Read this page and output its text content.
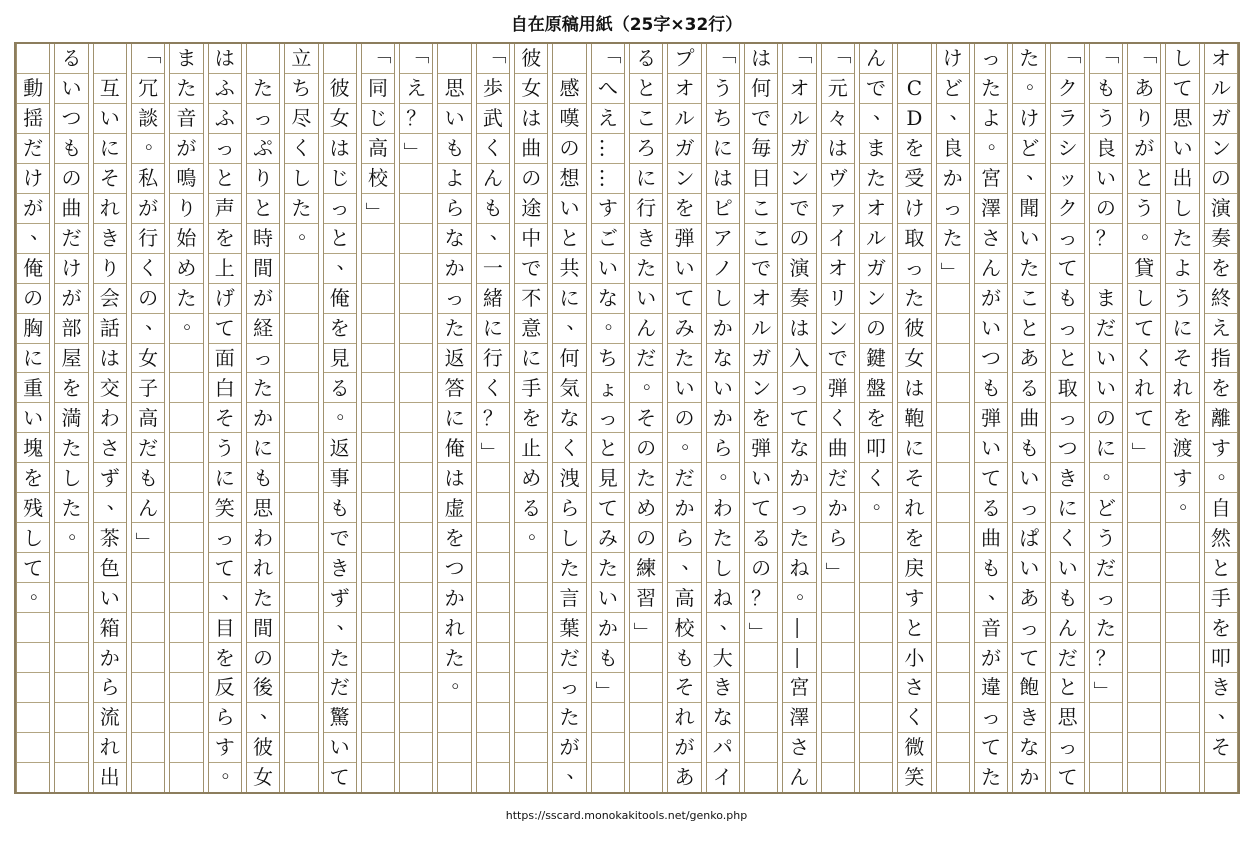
自在原稿用紙（25字×32行）
オ
ル
ガ
ン
の
演
奏
を
終
え
指
を
離
す
。
自
然
と
手
を
叩
き
、
そ
し
て
思
い
出
し
た
よ
う
に
そ
れ
を
渡
す
。
「
あ
り
が
と
う
。
貸
し
て
く
れ
て
」
「
も
う
良
い
の
？
ま
だ
い
い
の
に
。
ど
う
だ
っ
た
？
」
「
ク
ラ
シ
ッ
ク
っ
て
も
っ
と
取
っ
つ
き
に
く
い
も
ん
だ
と
思
っ
て
た
。
け
ど
、
聞
い
た
こ
と
あ
る
曲
も
い
っ
ぱ
い
あ
っ
て
飽
き
な
か
っ
た
よ
。
宮
澤
さ
ん
が
い
つ
も
弾
い
て
る
曲
も
、
音
が
違
っ
て
た
け
ど
、
良
か
っ
た
」
C
D
を
受
け
取
っ
た
彼
女
は
鞄
に
そ
れ
を
戻
す
と
小
さ
く
微
笑
ん
で
、
ま
た
オ
ル
ガ
ン
の
鍵
盤
を
叩
く
。
「
元
々
は
ヴ
ァ
イ
オ
リ
ン
で
弾
く
曲
だ
か
ら
」
「
オ
ル
ガ
ン
で
の
演
奏
は
入
っ
て
な
か
っ
た
ね
。
―
―
宮
澤
さ
ん
は
何
で
毎
日
こ
こ
で
オ
ル
ガ
ン
を
弾
い
て
る
の
？
」
「
う
ち
に
は
ピ
ア
ノ
し
か
な
い
か
ら
。
わ
た
し
ね
、
大
き
な
パ
イ
プ
オ
ル
ガ
ン
を
弾
い
て
み
た
い
の
。
だ
か
ら
、
高
校
も
そ
れ
が
あ
る
と
こ
ろ
に
行
き
た
い
ん
だ
。
そ
の
た
め
の
練
習
」
「
へ
え
…
…
す
ご
い
な
。
ち
ょ
っ
と
見
て
み
た
い
か
も
」
感
嘆
の
想
い
と
共
に
、
何
気
な
く
洩
ら
し
た
言
葉
だ
っ
た
が
、
彼
女
は
曲
の
途
中
で
不
意
に
手
を
止
め
る
。
「
歩
武
く
ん
も
、
一
緒
に
行
く
？
」
思
い
も
よ
ら
な
か
っ
た
返
答
に
俺
は
虚
を
つ
か
れ
た
。
「
え
？
」
「
同
じ
高
校
」
彼
女
は
じ
っ
と
、
俺
を
見
る
。
返
事
も
で
き
ず
、
た
だ
驚
い
て
立
ち
尽
く
し
た
。
た
っ
ぷ
り
と
時
間
が
経
っ
た
か
に
も
思
わ
れ
た
間
の
後
、
彼
女
は
ふ
ふ
っ
と
声
を
上
げ
て
面
白
そ
う
に
笑
っ
て
、
目
を
反
ら
す
。
ま
た
音
が
鳴
り
始
め
た
。
「
冗
談
。
私
が
行
く
の
、
女
子
高
だ
も
ん
」
互
い
に
そ
れ
き
り
会
話
は
交
わ
さ
ず
、
茶
色
い
箱
か
ら
流
れ
出
る
い
つ
も
の
曲
だ
け
が
部
屋
を
満
た
し
た
。
動
揺
だ
け
が
、
俺
の
胸
に
重
い
塊
を
残
し
て
。
https://sscard.monokakitools.net/genko.php
